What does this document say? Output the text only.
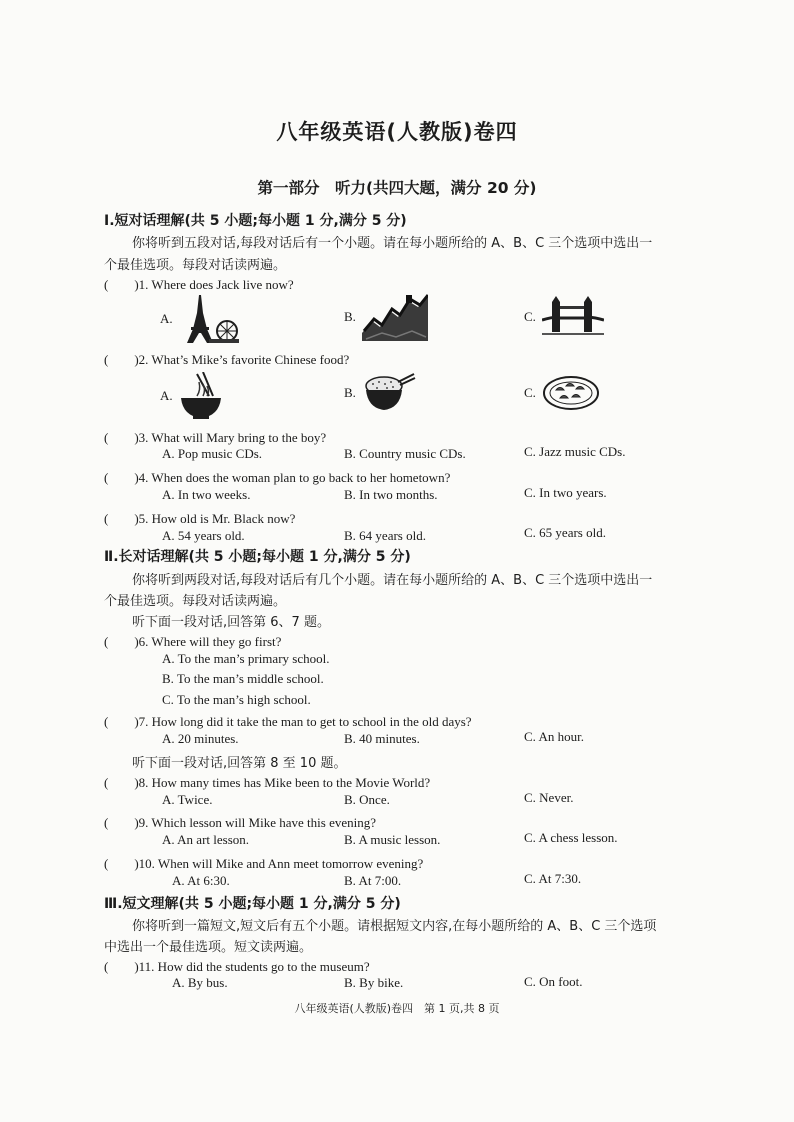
八年级英语(人教版)卷四
第一部分　听力(共四大题，满分 20 分)
Ⅰ.短对话理解(共 5 小题;每小题 1 分,满分 5 分)
你将听到五段对话,每段对话后有一个小题。请在每小题所给的 A、B、C 三个选项中选出一
个最佳选项。每段对话读两遍。
(　　)1. Where does Jack live now?
A.	B.	C.
(　　)2. What’s Mike’s favorite Chinese food?
A.	B.	C.
(　　)3. What will Mary bring to the boy?
A. Pop music CDs.	B. Country music CDs.	C. Jazz music CDs.
(　　)4. When does the woman plan to go back to her hometown?
A. In two weeks.	B. In two months.	C. In two years.
(　　)5. How old is Mr. Black now?
A. 54 years old.	B. 64 years old.	C. 65 years old.
Ⅱ.长对话理解(共 5 小题;每小题 1 分,满分 5 分)
你将听到两段对话,每段对话后有几个小题。请在每小题所给的 A、B、C 三个选项中选出一
个最佳选项。每段对话读两遍。
听下面一段对话,回答第 6、7 题。
(　　)6. Where will they go first?
A. To the man’s primary school.
B. To the man’s middle school.
C. To the man’s high school.
(　　)7. How long did it take the man to get to school in the old days?
A. 20 minutes.	B. 40 minutes.	C. An hour.
听下面一段对话,回答第 8 至 10 题。
(　　)8. How many times has Mike been to the Movie World?
A. Twice.	B. Once.	C. Never.
(　　)9. Which lesson will Mike have this evening?
A. An art lesson.	B. A music lesson.	C. A chess lesson.
(　　)10. When will Mike and Ann meet tomorrow evening?
A. At 6:30.	B. At 7:00.	C. At 7:30.
Ⅲ.短文理解(共 5 小题;每小题 1 分,满分 5 分)
你将听到一篇短文,短文后有五个小题。请根据短文内容,在每小题所给的 A、B、C 三个选项
中选出一个最佳选项。短文读两遍。
(　　)11. How did the students go to the museum?
A. By bus.	B. By bike.	C. On foot.
八年级英语(人教版)卷四　第 1 页,共 8 页
